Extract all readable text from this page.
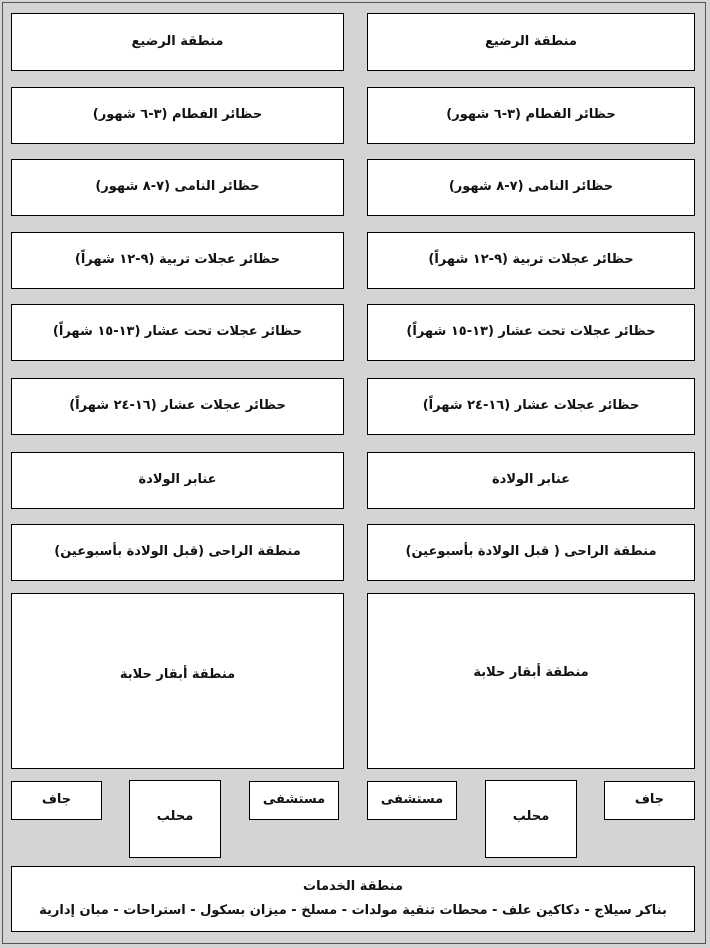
منطقة الرضيع
حظائر الفطام (٣-٦ شهور)
حظائر النامى (٧-٨ شهور)
حظائر عجلات تربية (٩-١٢ شهراً)
حظائر عجلات تحت عشار (١٣-١٥ شهراً)
حظائر عجلات عشار (١٦-٢٤ شهراً)
عنابر الولادة
منطقة الراحى (قبل الولادة بأسبوعين)
منطقة أبقار حلابة
جاف
محلب
مستشفى
منطقة الرضيع
حظائر الفطام (٣-٦ شهور)
حظائر النامى (٧-٨ شهور)
حظائر عجلات تربية (٩-١٢ شهراً)
حظائر عجلات تحت عشار (١٣-١٥ شهراً)
حظائر عجلات عشار (١٦-٢٤ شهراً)
عنابر الولادة
منطقة الراحى ( قبل الولادة بأسبوعين)
منطقة أبقار حلابة
مستشفى
محلب
جاف
منطقة الخدمات
بناكر سيلاج - دكاكين علف - محطات تنقية مولدات - مسلخ - ميزان بسكول - استراحات - مبان إدارية
